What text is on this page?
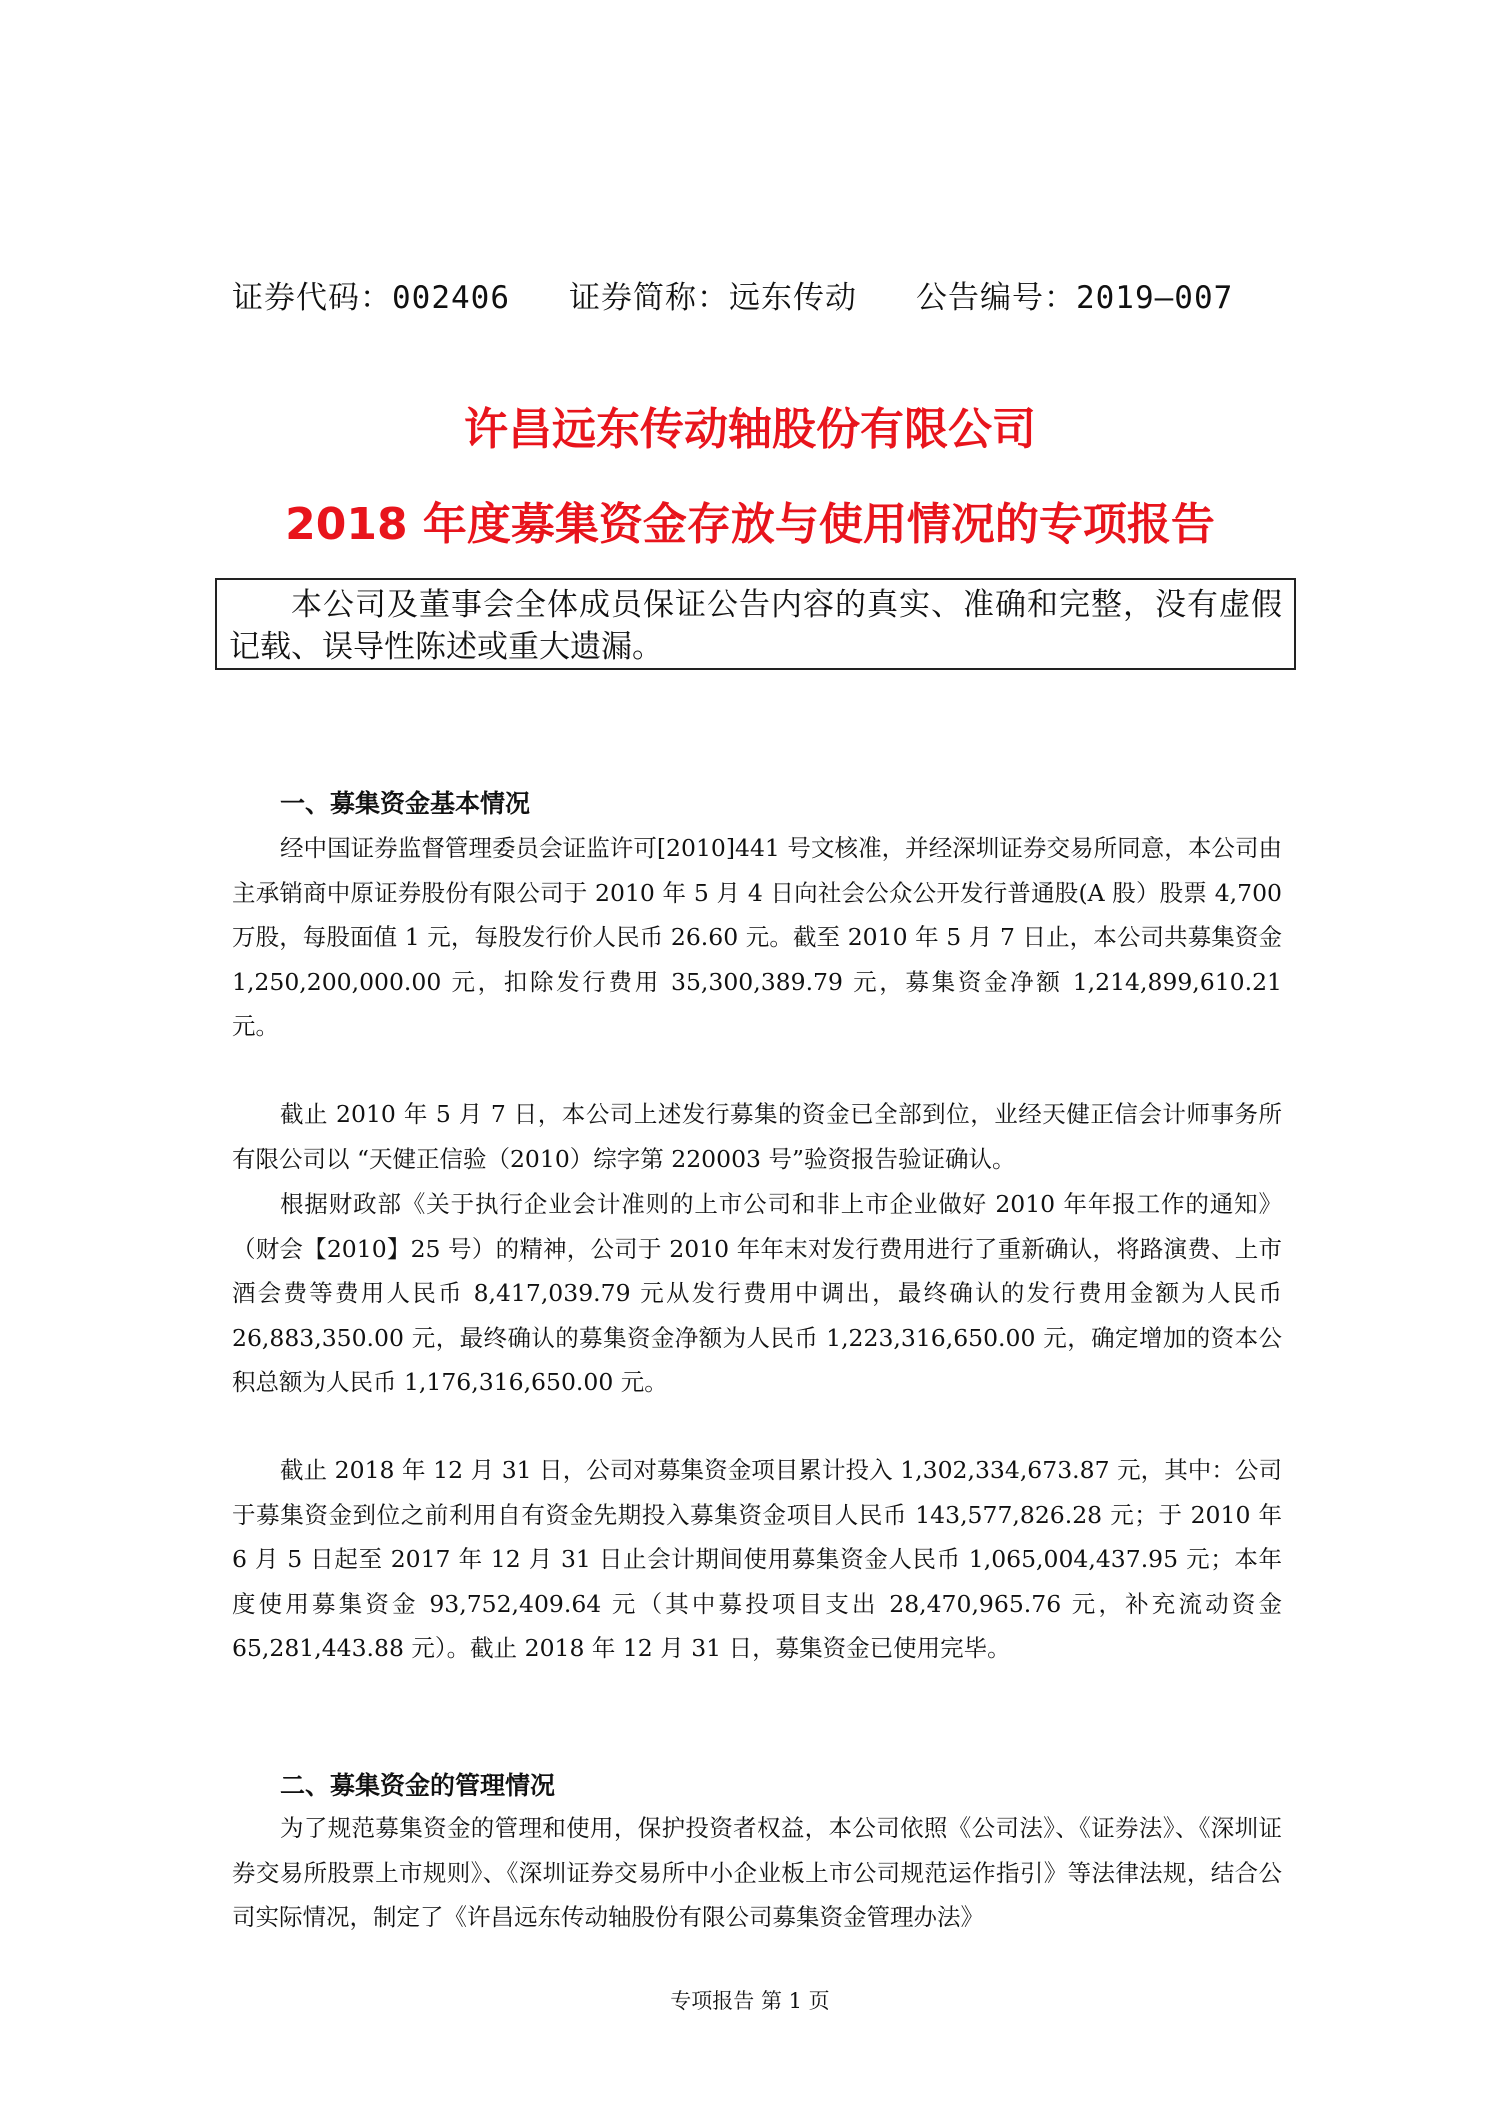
证券代码：002406 证券简称：远东传动 公告编号：2019—007
许昌远东传动轴股份有限公司
2018 年度募集资金存放与使用情况的专项报告
本公司及董事会全体成员保证公告内容的真实、准确和完整，没有虚假记载、误导性陈述或重大遗漏。
一、募集资金基本情况
经中国证券监督管理委员会证监许可[2010]441 号文核准，并经深圳证券交易所同意，本公司由主承销商中原证券股份有限公司于 2010 年 5 月 4 日向社会公众公开发行普通股(A 股）股票 4,700 万股，每股面值 1 元，每股发行价人民币 26.60 元。截至 2010 年 5 月 7 日止，本公司共募集资金 1,250,200,000.00 元，扣除发行费用 35,300,389.79 元，募集资金净额 1,214,899,610.21 元。
截止 2010 年 5 月 7 日，本公司上述发行募集的资金已全部到位，业经天健正信会计师事务所有限公司以 “天健正信验（2010）综字第 220003 号”验资报告验证确认。
根据财政部《关于执行企业会计准则的上市公司和非上市企业做好 2010 年年报工作的通知》（财会【2010】25 号）的精神，公司于 2010 年年末对发行费用进行了重新确认，将路演费、上市酒会费等费用人民币 8,417,039.79 元从发行费用中调出，最终确认的发行费用金额为人民币 26,883,350.00 元，最终确认的募集资金净额为人民币 1,223,316,650.00 元，确定增加的资本公积总额为人民币 1,176,316,650.00 元。
截止 2018 年 12 月 31 日，公司对募集资金项目累计投入 1,302,334,673.87 元，其中：公司于募集资金到位之前利用自有资金先期投入募集资金项目人民币 143,577,826.28 元；于 2010 年 6 月 5 日起至 2017 年 12 月 31 日止会计期间使用募集资金人民币 1,065,004,437.95 元；本年度使用募集资金 93,752,409.64 元（其中募投项目支出 28,470,965.76 元，补充流动资金 65,281,443.88 元）。截止 2018 年 12 月 31 日，募集资金已使用完毕。
二、募集资金的管理情况
为了规范募集资金的管理和使用，保护投资者权益，本公司依照《公司法》、《证券法》、《深圳证券交易所股票上市规则》、《深圳证券交易所中小企业板上市公司规范运作指引》等法律法规，结合公司实际情况，制定了《许昌远东传动轴股份有限公司募集资金管理办法》
专项报告 第 1 页
